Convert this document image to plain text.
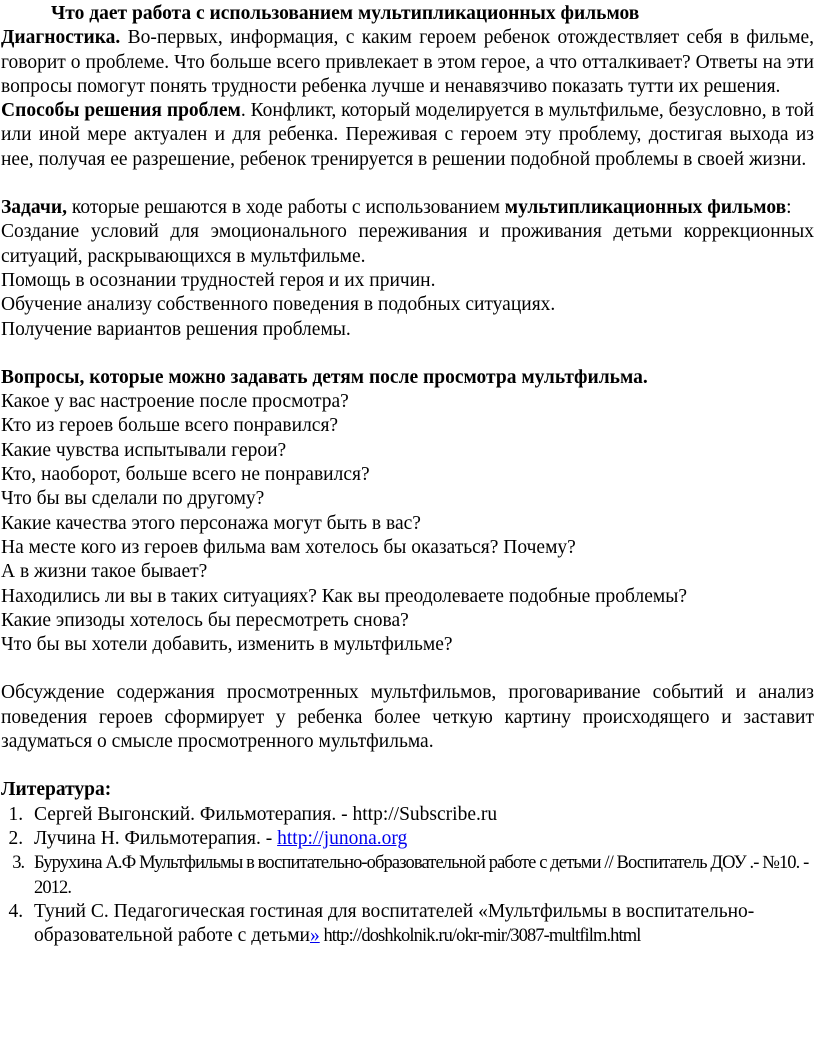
Что дает работа с использованием мультипликационных фильмов

Диагностика. Во-первых, информация, с каким героем ребенок отождествляет себя в фильме, говорит о проблеме. Что больше всего привлекает в этом герое, а что отталкивает? Ответы на эти вопросы помогут понять трудности ребенка лучше и ненавязчиво показать тутти их решения.

Способы решения проблем. Конфликт, который моделируется в мультфильме, безусловно, в той или иной мере актуален и для ребенка. Переживая с героем эту проблему, достигая выхода из нее, получая ее разрешение, ребенок тренируется в решении подобной проблемы в своей жизни.

Задачи, которые решаются в ходе работы с использованием мультипликационных фильмов:

Создание условий для эмоционального переживания и проживания детьми коррекционных ситуаций, раскрывающихся в мультфильме.

Помощь в осознании трудностей героя и их причин.

Обучение анализу собственного поведения в подобных ситуациях.

Получение вариантов решения проблемы.

Вопросы, которые можно задавать детям после просмотра мультфильма.

Какое у вас настроение после просмотра?

Кто из героев больше всего понравился?

Какие чувства испытывали герои?

Кто, наоборот, больше всего не понравился?

Что бы вы сделали по другому?

Какие качества этого персонажа могут быть в вас?

На месте кого из героев фильма вам хотелось бы оказаться? Почему?

А в жизни такое бывает?

Находились ли вы в таких ситуациях? Как вы преодолеваете подобные проблемы?

Какие эпизоды хотелось бы пересмотреть снова?

Что бы вы хотели добавить, изменить в мультфильме?

Обсуждение содержания просмотренных мультфильмов, проговаривание событий и анализ поведения героев сформирует у ребенка более четкую картину происходящего и заставит задуматься о смысле просмотренного мультфильма.

Литература:

1. Сергей Выгонский. Фильмотерапия. - http://Subscribe.ru
2. Лучина Н. Фильмотерапия. - http://junona.org
3. Бурухина А.Ф Мультфильмы в воспитательно-образовательной работе с детьми // Воспитатель ДОУ .- №10. - 2012.
4. Туний С. Педагогическая гостиная для воспитателей «Мультфильмы в воспитательно-образовательной работе с детьми» http://doshkolnik.ru/okr-mir/3087-multfilm.html
